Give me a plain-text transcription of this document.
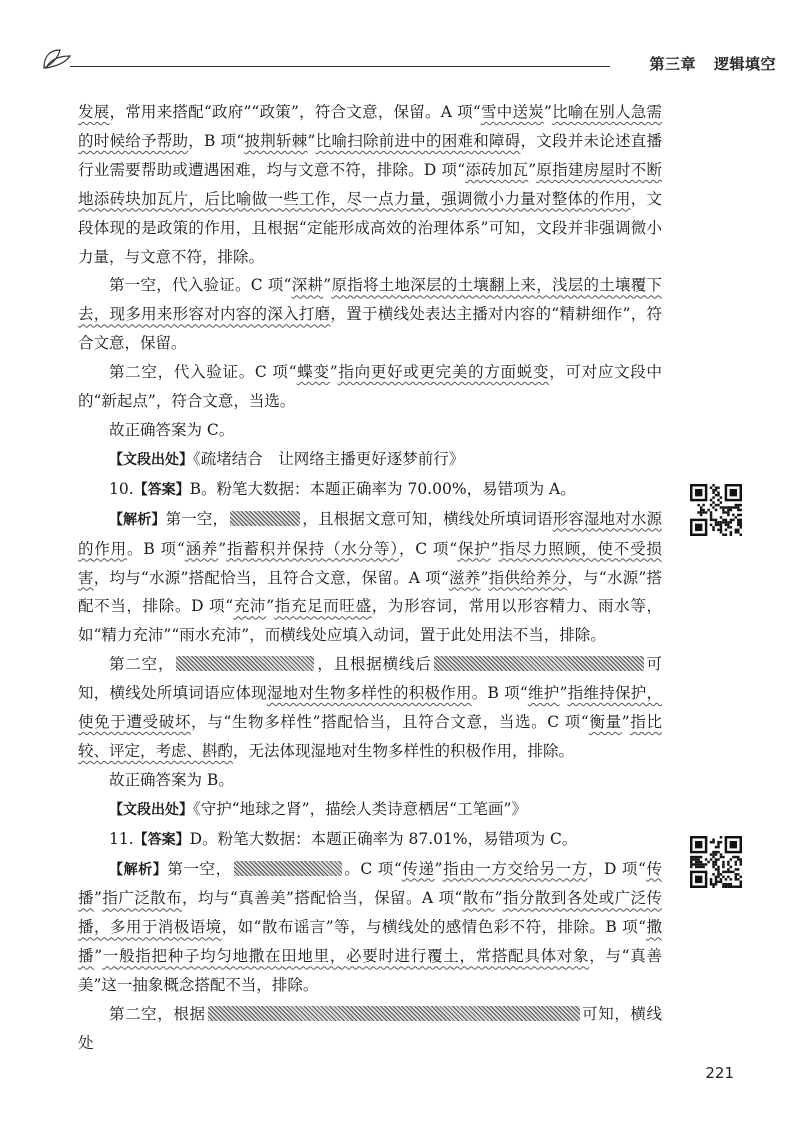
第三章 逻辑填空

发展，常用来搭配“政府”“政策”，符合文意，保留。A 项“雪中送炭”比喻在别人急需的时候给予帮助，B 项“披荆斩棘”比喻扫除前进中的困难和障碍，文段并未论述直播行业需要帮助或遭遇困难，均与文意不符，排除。D 项“添砖加瓦”原指建房屋时不断地添砖块加瓦片，后比喻做一些工作，尽一点力量，强调微小力量对整体的作用，文段体现的是政策的作用，且根据“定能形成高效的治理体系”可知，文段并非强调微小力量，与文意不符，排除。

第一空，代入验证。C 项“深耕”原指将土地深层的土壤翻上来，浅层的土壤覆下去，现多用来形容对内容的深入打磨，置于横线处表达主播对内容的“精耕细作”，符合文意，保留。

第二空，代入验证。C 项“蝶变”指向更好或更完美的方面蜕变，可对应文段中的“新起点”，符合文意，当选。

故正确答案为 C。

【文段出处】《疏堵结合　让网络主播更好逐梦前行》

10.【答案】B。粉笔大数据：本题正确率为 70.00%，易错项为 A。

【解析】第一空，	，且根据文意可知，横线处所填词语形容湿地对水源的作用。B 项“涵养”指蓄积并保持（水分等），C 项“保护”指尽力照顾，使不受损害，均与“水源”搭配恰当，且符合文意，保留。A 项“滋养”指供给养分，与“水源”搭配不当，排除。D 项“充沛”指充足而旺盛，为形容词，常用以形容精力、雨水等，如“精力充沛”“雨水充沛”，而横线处应填入动词，置于此处用法不当，排除。

第二空，	，且根据横线后	可知，横线处所填词语应体现湿地对生物多样性的积极作用。B 项“维护”指维持保护，使免于遭受破坏，与“生物多样性”搭配恰当，且符合文意，当选。C 项“衡量”指比较、评定，考虑、斟酌，无法体现湿地对生物多样性的积极作用，排除。

故正确答案为 B。

【文段出处】《守护“地球之肾”，描绘人类诗意栖居“工笔画”》

11.【答案】D。粉笔大数据：本题正确率为 87.01%，易错项为 C。

【解析】第一空，	。C 项“传递”指由一方交给另一方，D 项“传播”指广泛散布，均与“真善美”搭配恰当，保留。A 项“散布”指分散到各处或广泛传播，多用于消极语境，如“散布谣言”等，与横线处的感情色彩不符，排除。B 项“撒播”一般指把种子均匀地撒在田地里，必要时进行覆土，常搭配具体对象，与“真善美”这一抽象概念搭配不当，排除。

第二空，根据	可知，横线处

221
